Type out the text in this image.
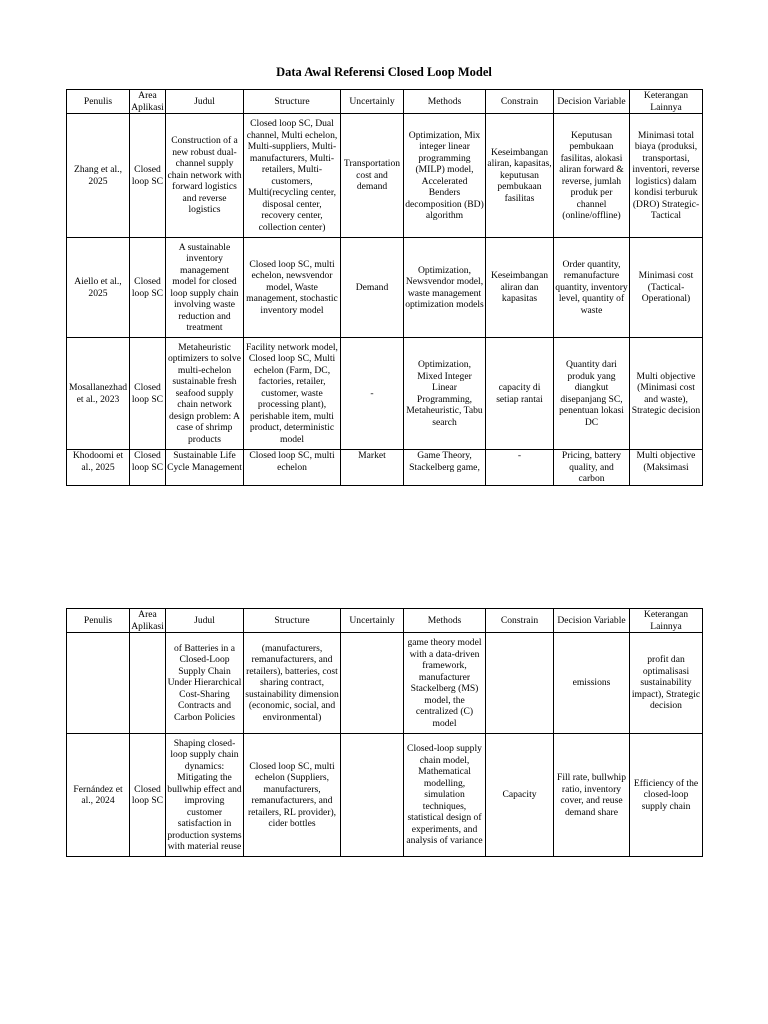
Data Awal Referensi Closed Loop Model
Penulis	Area Aplikasi	Judul	Structure	Uncertainly	Methods	Constrain	Decision Variable	Keterangan Lainnya
Zhang et al., 2025	Closed loop SC	Construction of a new robust dual-channel supply chain network with forward logistics and reverse logistics	Closed loop SC, Dual channel, Multi echelon, Multi-suppliers, Multi-manufacturers, Multi-retailers, Multi-customers, Multi(recycling center, disposal center, recovery center, collection center)	Transportation cost and demand	Optimization, Mix integer linear programming (MILP) model, Accelerated Benders decomposition (BD) algorithm	Keseimbangan aliran, kapasitas, keputusan pembukaan fasilitas	Keputusan pembukaan fasilitas, alokasi aliran forward & reverse, jumlah produk per channel (online/offline)	Minimasi total biaya (produksi, transportasi, inventori, reverse logistics) dalam kondisi terburuk (DRO) Strategic-Tactical
Aiello et al., 2025	Closed loop SC	A sustainable inventory management model for closed loop supply chain involving waste reduction and treatment	Closed loop SC, multi echelon, newsvendor model, Waste management, stochastic inventory model	Demand	Optimization, Newsvendor model, waste management optimization models	Keseimbangan aliran dan kapasitas	Order quantity, remanufacture quantity, inventory level, quantity of waste	Minimasi cost (Tactical-Operational)
Mosallanezhad et al., 2023	Closed loop SC	Metaheuristic optimizers to solve multi-echelon sustainable fresh seafood supply chain network design problem: A case of shrimp products	Facility network model, Closed loop SC, Multi echelon (Farm, DC, factories, retailer, customer, waste processing plant), perishable item, multi product, deterministic model	-	Optimization, Mixed Integer Linear Programming, Metaheuristic, Tabu search	capacity di setiap rantai	Quantity dari produk yang diangkut disepanjang SC, penentuan lokasi DC	Multi objective (Minimasi cost and waste), Strategic decision
Khodoomi et al., 2025	Closed loop SC	Sustainable Life Cycle Management	Closed loop SC, multi echelon	Market	Game Theory, Stackelberg game,	-	Pricing, battery quality, and carbon	Multi objective (Maksimasi
Penulis	Area Aplikasi	Judul	Structure	Uncertainly	Methods	Constrain	Decision Variable	Keterangan Lainnya
		of Batteries in a Closed-Loop Supply Chain Under Hierarchical Cost-Sharing Contracts and Carbon Policies	(manufacturers, remanufacturers, and retailers), batteries, cost sharing contract, sustainability dimension (economic, social, and environmental)		game theory model with a data-driven framework, manufacturer Stackelberg (MS) model, the centralized (C) model		emissions	profit dan optimalisasi sustainability impact), Strategic decision
Fernández et al., 2024	Closed loop SC	Shaping closed-loop supply chain dynamics: Mitigating the bullwhip effect and improving customer satisfaction in production systems with material reuse	Closed loop SC, multi echelon (Suppliers, manufacturers, remanufacturers, and retailers, RL provider), cider bottles		Closed-loop supply chain model, Mathematical modelling, simulation techniques, statistical design of experiments, and analysis of variance	Capacity	Fill rate, bullwhip ratio, inventory cover, and reuse demand share	Efficiency of the closed-loop supply chain
